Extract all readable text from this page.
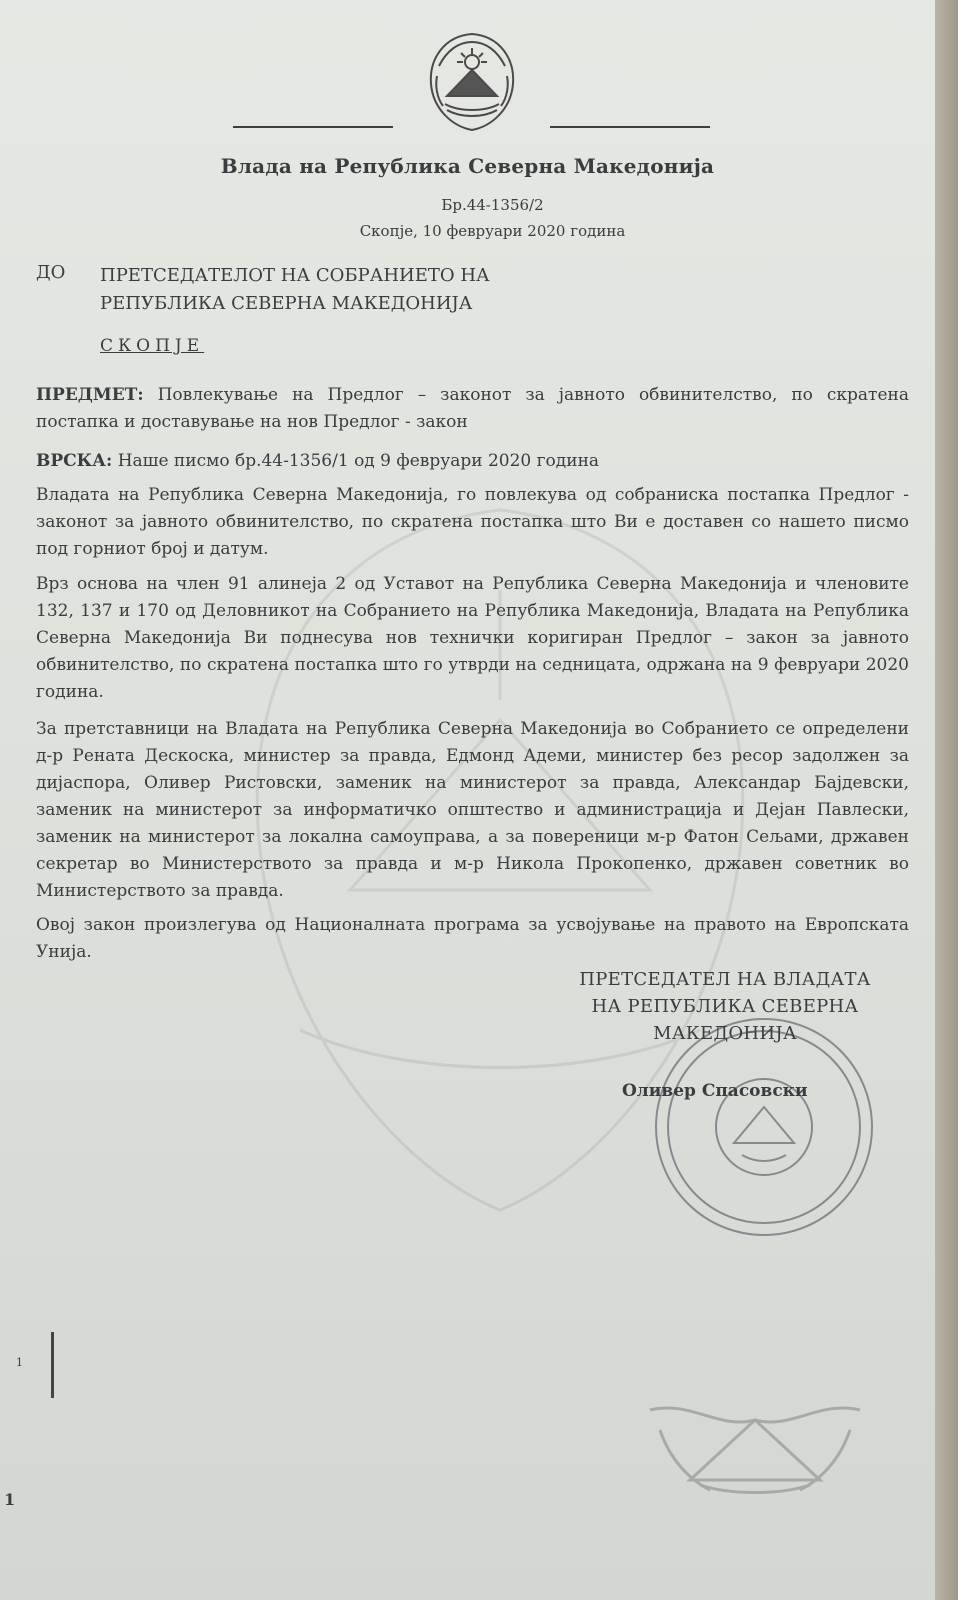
Влада на Република Северна Македонија
Бр.44-1356/2
Скопје, 10 февруари 2020 година
ДО ПРЕТСЕДАТЕЛОТ НА СОБРАНИЕТО НА
РЕПУБЛИКА СЕВЕРНА МАКЕДОНИЈА
СКОПЈЕ
ПРЕДМЕТ: Повлекување на Предлог – законот за јавното обвинителство, по скратена постапка и доставување на нов Предлог - закон
ВРСКА: Наше писмо бр.44-1356/1 од 9 февруари 2020 година
Владата на Република Северна Македонија, го повлекува од собраниска постапка Предлог - законот за јавното обвинителство, по скратена постапка што Ви е доставен со нашето писмо под горниот број и датум.
Врз основа на член 91 алинеја 2 од Уставот на Република Северна Македонија и членовите 132, 137 и 170 од Деловникот на Собранието на Република Македонија, Владата на Република Северна Македонија Ви поднесува нов технички коригиран Предлог – закон за јавното обвинителство, по скратена постапка што го утврди на седницата, одржана на 9 февруари 2020 година.
За претставници на Владата на Република Северна Македонија во Собранието се определени д-р Рената Дескоска, министер за правда, Едмонд Адеми, министер без ресор задолжен за дијаспора, Оливер Ристовски, заменик на министерот за правда, Александар Бајдевски, заменик на министерот за информатичко општество и администрација и Дејан Павлески, заменик на министерот за локална самоуправа, а за повереници м-р Фатон Сељами, државен секретар во Министерството за правда и м-р Никола Прокопенко, државен советник во Министерството за правда.
Овој закон произлегува од Националната програма за усвојување на правото на Европската Унија.
ПРЕТСЕДАТЕЛ НА ВЛАДАТА
НА РЕПУБЛИКА СЕВЕРНА
МАКЕДОНИЈА
Оливер Спасовски
1
1
